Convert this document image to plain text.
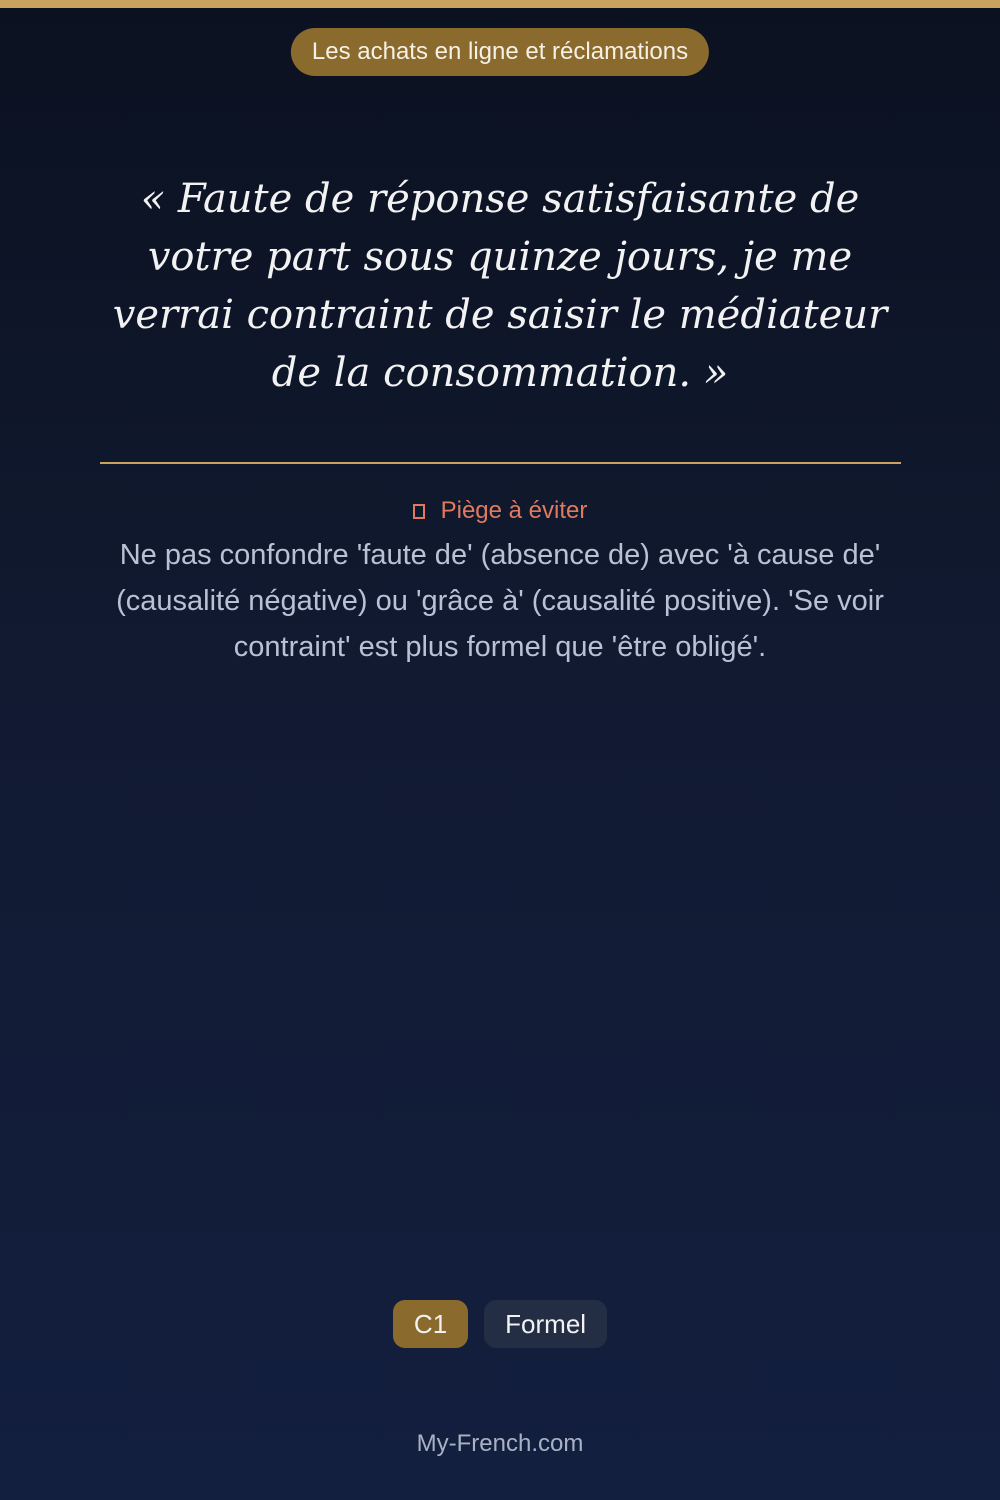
Les achats en ligne et réclamations

« Faute de réponse satisfaisante de votre part sous quinze jours, je me verrai contraint de saisir le médiateur de la consommation. »

Piège à éviter

Ne pas confondre 'faute de' (absence de) avec 'à cause de' (causalité négative) ou 'grâce à' (causalité positive). 'Se voir contraint' est plus formel que 'être obligé'.

C1	Formel
My-French.com
